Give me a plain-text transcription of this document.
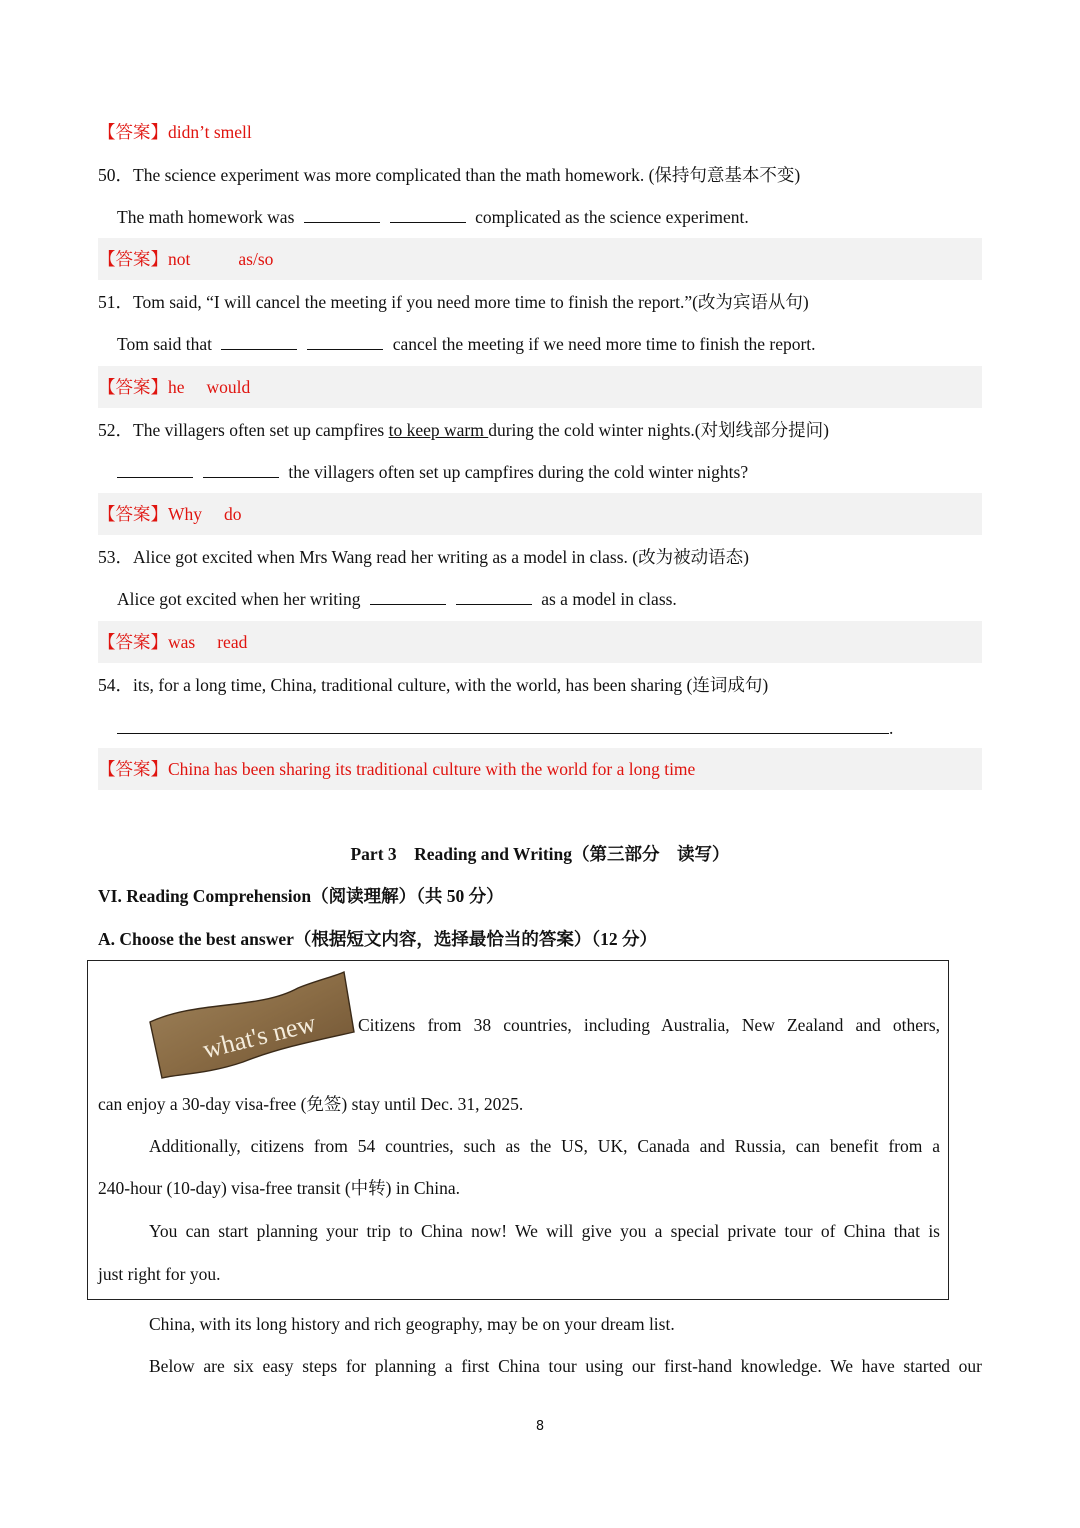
【答案】didn’t smell
50．The science experiment was more complicated than the math homework. (保持句意基本不变)
The math homework was	complicated as the science experiment.
【答案】not	as/so
51．Tom said, “I will cancel the meeting if you need more time to finish the report.”(改为宾语从句)
Tom said that	cancel the meeting if we need more time to finish the report.
【答案】he would
52．The villagers often set up campfires to keep warm during the cold winter nights.(对划线部分提问)
the villagers often set up campfires during the cold winter nights?
【答案】Why do
53．Alice got excited when Mrs Wang read her writing as a model in class. (改为被动语态)
Alice got excited when her writing	as a model in class.
【答案】was read
54．its, for a long time, China, traditional culture, with the world, has been sharing (连词成句)
.
【答案】China has been sharing its traditional culture with the world for a long time
Part 3    Reading and Writing（第三部分    读写）
VI. Reading Comprehension（阅读理解）（共 50 分）
A. Choose the best answer（根据短文内容，选择最恰当的答案）（12 分）
what's new Citizens from 38 countries, including Australia, New Zealand and others,
can enjoy a 30-day visa-free (免签) stay until Dec. 31, 2025.
Additionally, citizens from 54 countries, such as the US, UK, Canada and Russia, can benefit from a
240-hour (10-day) visa-free transit (中转) in China.
You can start planning your trip to China now! We will give you a special private tour of China that is
just right for you.
China, with its long history and rich geography, may be on your dream list.
Below are six easy steps for planning a first China tour using our first-hand knowledge. We have started our
8
